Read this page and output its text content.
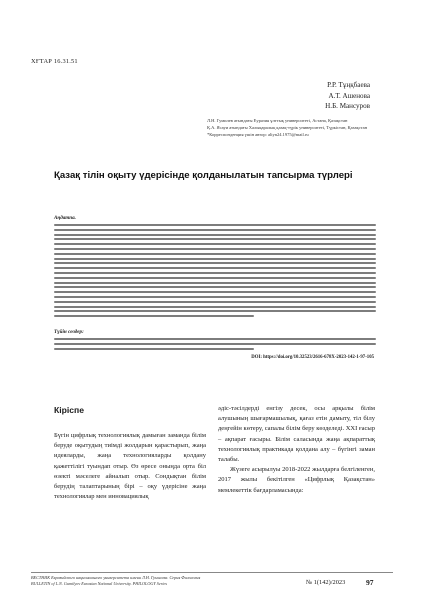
ХҒТАР 16.31.51
Р.Р. Тұңқбаева
А.Т. Ашенова
Н.Б. Мансуров
Л.Н. Гумилев атындағы Еуразия ұлттық университеті, Астана, Қазақстан
Қ.А. Ясауи атындағы Халықаралық қазақ-түрік университеті, Түркістан, Қазақстан
*Корреспонденция үшін автор: aliyn24.1975@mail.ru
Қазақ тілін оқыту үдерісінде қолданылатын тапсырма түрлері
Аңдатпа.
Түйін сөздер:
DOI: https://doi.org/10.32523/2616-678X-2023-142-1-97-105
Кіріспе
Бүгін цифрлық технологиялық дамыған заманда білім беруде оқытудың тиімді жолдарын қарастырып, жаңа идеяларды, жаңа технологияларды қолдану қажеттілігі туындап отыр. Өз өресе оныңда орта біл өзекті мәселеге айналып отыр. Сондықтан білім берудің талаптарының бірі – оқу үдерісіне жаңа технологиялар мен инновациялық
әдіс-тәсілдерді енгізу десек, осы арқылы білім алушының шығармашылық, қағаз етін дамыту, тіл білу деңгейін көтеру, сапалы білім беру көзделеді. XXI ғасыр – ақпарат ғасыры. Білім саласында жаңа ақпараттық технологиялық практикада қолдана алу – бүгінгі заман талабы.
Жүзеге асырылуы 2018-2022 жылдарға белгіленген, 2017 жылы бекітілген «Цифрлық Қазақстан» мемлекеттік бағдарламасында:
ВЕСТНИК Евразийского национального университета имени Л.Н. Гумилева. Серия Филология
BULLETIN of L.N. Gumilyov Eurasian National University. PHILOLOGY Series	№ 1(142)/2023	97
